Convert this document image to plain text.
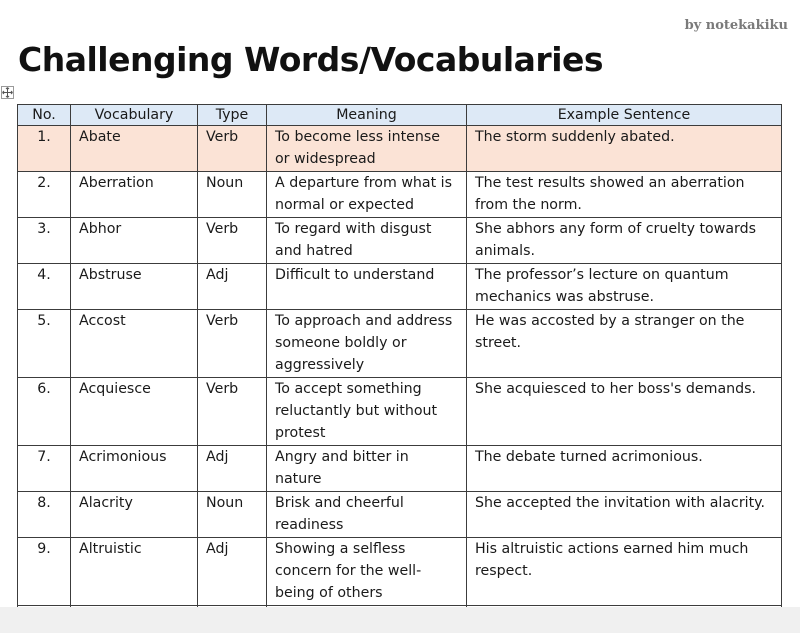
by notekakiku
Challenging Words/Vocabularies
No.	Vocabulary	Type	Meaning	Example Sentence
1.	Abate	Verb	To become less intense or widespread	The storm suddenly abated.
2.	Aberration	Noun	A departure from what is normal or expected	The test results showed an aberration from the norm.
3.	Abhor	Verb	To regard with disgust and hatred	She abhors any form of cruelty towards animals.
4.	Abstruse	Adj	Difficult to understand	The professor’s lecture on quantum mechanics was abstruse.
5.	Accost	Verb	To approach and address someone boldly or aggressively	He was accosted by a stranger on the street.
6.	Acquiesce	Verb	To accept something reluctantly but without protest	She acquiesced to her boss's demands.
7.	Acrimonious	Adj	Angry and bitter in nature	The debate turned acrimonious.
8.	Alacrity	Noun	Brisk and cheerful readiness	She accepted the invitation with alacrity.
9.	Altruistic	Adj	Showing a selfless concern for the well-being of others	His altruistic actions earned him much respect.
